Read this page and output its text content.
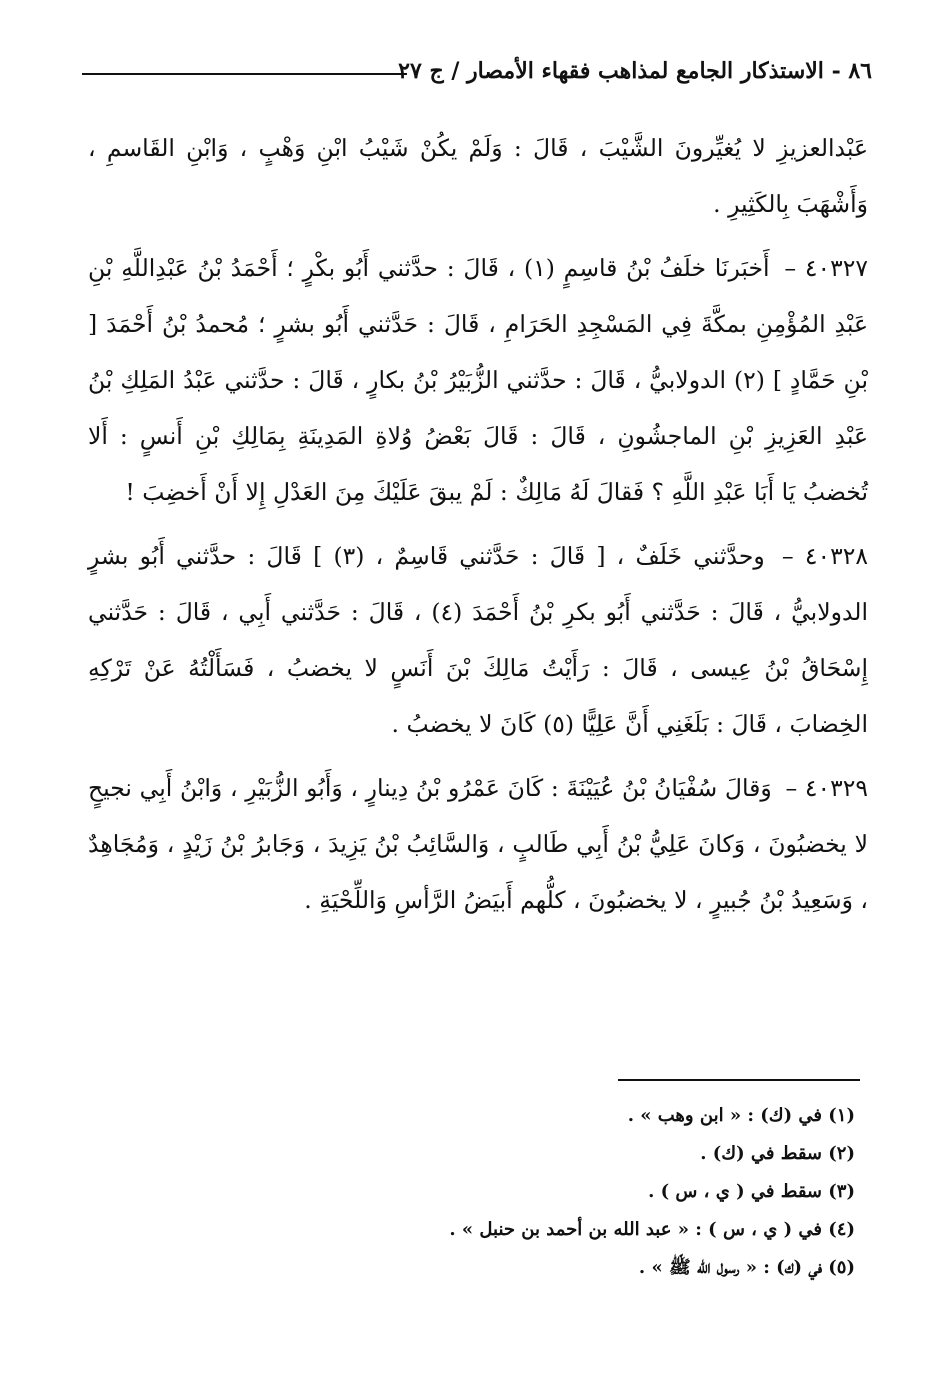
٨٦ - الاستذكار الجامع لمذاهب فقهاء الأمصار / ج ٢٧

عَبْدالعزيزِ لا يُغيِّرونَ الشَّيْبَ ، قَالَ : وَلَمْ يكُنْ شَيْبُ ابْنِ وَهْبٍ ، وَابْنِ القَاسمِ ، وَأَشْهَبَ بِالكَثِيرِ .

٤٠٣٢٧ – أَخبَرنَا خلَفُ بْنُ قاسِمٍ (١) ، قَالَ : حدَّثني أَبُو بكْرٍ ؛ أَحْمَدُ بْنُ عَبْدِاللَّهِ بْنِ عَبْدِ المُؤْمِنِ بمكَّةَ فِي المَسْجِدِ الحَرَامِ ، قَالَ : حَدَّثني أَبُو بشرٍ ؛ مُحمدُ بْنُ أَحْمَدَ [ بْنِ حَمَّادٍ ] (٢) الدولابيُّ ، قَالَ : حدَّثني الزُّبَيْرُ بْنُ بكارٍ ، قَالَ : حدَّثني عَبْدُ المَلِكِ بْنُ عَبْدِ العَزِيزِ بْنِ الماجشُونِ ، قَالَ : قَالَ بَعْضُ وُلاةِ المَدِينَةِ بِمَالِكِ بْنِ أَنسٍ : أَلا تُخضبُ يَا أَبَا عَبْدِ اللَّهِ ؟ فَقالَ لَهُ مَالِكٌ : لَمْ يبقَ عَلَيْكَ مِنَ العَدْلِ إِلا أَنْ أَخضِبَ !

٤٠٣٢٨ – وحدَّثني خَلَفٌ ، [ قَالَ : حَدَّثني قَاسِمٌ ، (٣) ] قَالَ : حدَّثني أَبُو بشرٍ الدولابيُّ ، قَالَ : حَدَّثني أَبُو بكرِ بْنُ أَحْمَدَ (٤) ، قَالَ : حَدَّثني أَبِي ، قَالَ : حَدَّثني إِسْحَاقُ بْنُ عِيسى ، قَالَ : رَأَيْتُ مَالِكَ بْنَ أَنَسٍ لا يخضبُ ، فَسَأَلْتُهُ عَنْ تَرْكِهِ الخِضابَ ، قَالَ : بَلَغَنِي أَنَّ عَلِيًّا (٥) كَانَ لا يخضبُ .

٤٠٣٢٩ – وَقالَ سُفْيَانُ بْنُ عُيَيْنَةَ : كَانَ عَمْرُو بْنُ دِينارٍ ، وَأَبُو الزُّبَيْرِ ، وَابْنُ أَبِي نجيحٍ لا يخضبُونَ ، وَكانَ عَلِيُّ بْنُ أَبِي طَالبٍ ، وَالسَّائِبُ بْنُ يَزِيدَ ، وَجَابرُ بْنُ زَيْدٍ ، وَمُجَاهِدٌ ، وَسَعِيدُ بْنُ جُبيرٍ ، لا يخضبُونَ ، كلُّهم أَبيَضُ الرَّأسِ وَاللِّحْيَةِ .

(١) في (ك) : « ابن وهب » .
(٢) سقط في (ك) .
(٣) سقط في ( ي ، س ) .
(٤) في ( ي ، س ) : « عبد الله بن أحمد بن حنبل » .
(٥) في (ك) : « رسول الله ﷺ » .
